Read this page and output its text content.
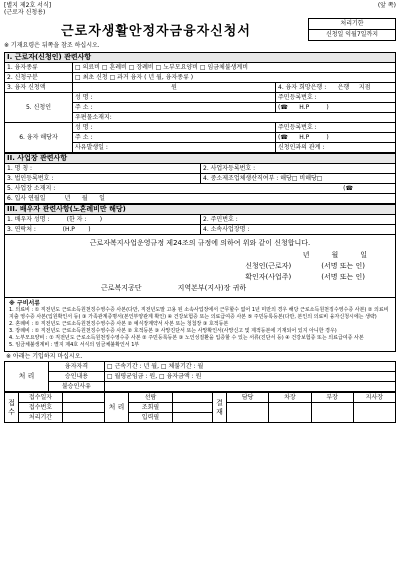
[별지 제2호 서식]
(근로자 신청용)
(앞 쪽)
근로자생활안정자금융자신청서
처리기한
신청일 익월7일까지
※ 기재요령은 뒤쪽을 참조 하십시오.
I. 근로자(신청인) 관련사항		
1. 융자종류	□ 의료비 □ 혼례비 □ 장례비 □ 노부모요양비 □ 임금체불생계비	
2. 신청구분	□ 최초 신청 □ 과거 융자 ( 년 월, 융자종류 )	
3. 융자 신청액	원	4. 융자 희망은행 : 은행 지점
5. 신청인	성 명 :	주민등록번호 :
	주 소 :	(☎ H.P )
	우편물소재지:	
6. 융자 해당자	성 명 :	주민등록번호 :
	주 소 :	(☎ H.P )
	사유발생일 :	신청인과의 관계 :
II. 사업장 관련사항	
1. 명 칭 :	2. 사업자등록번호 :
3. 법인등록번호 :	4. 중소제조업체생산직여부 : 해당□ 비해당□
5. 사업장 소재지 : (☎	

6. 입사 연월일 년 월 일	
III. 배우자 관련사항(노혼례비만 해당)	
1. 배우자 성명 : (한 자 : )	2. 주민번호 :
3. 연락처 : (H.P )	4. 소속사업장명 :
근로자복지사업운영규정 제24조의 규정에 의하여 위와 같이 신청합니다.
년	월	일
신청인(근로자)	(서명 또는 인)
확인자(사업주)	(서명 또는 인)
근로복지공단	지역본부(지사)장 귀하
※ 구비서류
1. 의료비 : ① 직전년도 근로소득원천징수영수증 사본(다만, 직전년도말 고용 된 소속사업장에서 근무할수 없어 1년 미만의 경우 해당 근로소득원천징수영수증 사본) ② 의료비 지출 영수증 사본(입원확인서 등) ③ 가족관계증명서(본인부양관계 확인) ④ 건강보험증 또는 의료급여증 사본 ⑤ 주민등록등본(다만, 본인의 의료비 융자신청시에는 생략)
2. 혼례비 : ① 직전년도 근로소득원천징수영수증 사본 ② 예식장계약서 사본 또는 청첩장 ③ 호적등본
3. 장례비 : ① 직전년도 근로소득원천징수영수증 사본 ② 호적등본 ③ 사망진단서 또는 사망확인서(사망신고 및 제적등본에 기재되어 있지 아니한 경우)
4. 노부모요양비 : ① 직전년도 근로소득원천징수영수증 사본 ② 주민등록등본 ③ 노인성질환을 입증할 수 있는 서류(진단서 등) ④ 건강보험증 또는 의료급여증 사본
5. 임금체불생계비 : 별지 제4호 서식의 임금체불확인서 1부
※ 아래는 기입하지 마십시오.
처 리	융자자격	□ 근속기간 : 년 월, □ 체불기간 : 월
	승인내용	□ 월평균임금 : 원, □ 융자금액 : 원
	불승인사유	
접 수	접수일자		처 리	선람		결 재	담당	차장	부장	지사장
	접수번호			조회필						
	처리기간			입력필						
